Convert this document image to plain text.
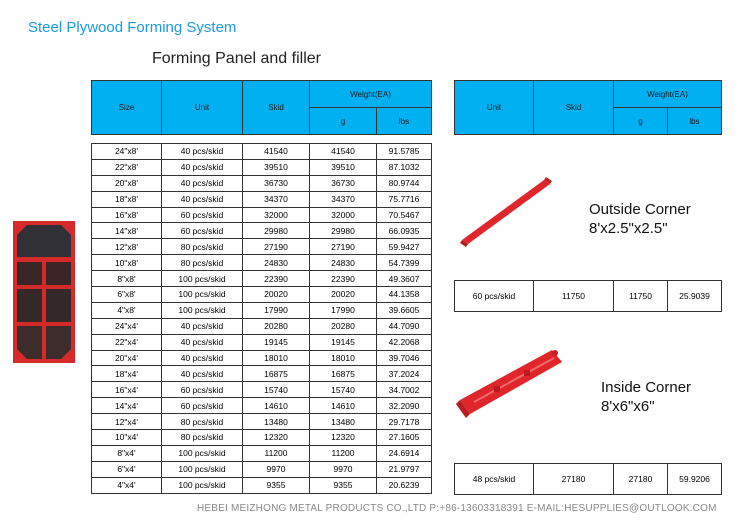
Steel Plywood Forming System
Forming Panel and filler
Size	Unit	Skid	Weight(EA)	
			g	lbs
24"x8'	40 pcs/skid	41540	41540	91.5785
22"x8'	40 pcs/skid	39510	39510	87.1032
20"x8'	40 pcs/skid	36730	36730	80.9744
18"x8'	40 pcs/skid	34370	34370	75.7716
16"x8'	60 pcs/skid	32000	32000	70.5467
14"x8'	60 pcs/skid	29980	29980	66.0935
12"x8'	80 pcs/skid	27190	27190	59.9427
10"x8'	80 pcs/skid	24830	24830	54.7399
8"x8'	100 pcs/skid	22390	22390	49.3607
6"x8'	100 pcs/skid	20020	20020	44.1358
4"x8'	100 pcs/skid	17990	17990	39.6605
24"x4'	40 pcs/skid	20280	20280	44.7090
22"x4'	40 pcs/skid	19145	19145	42.2068
20"x4'	40 pcs/skid	18010	18010	39.7046
18"x4'	40 pcs/skid	16875	16875	37.2024
16"x4'	60 pcs/skid	15740	15740	34.7002
14"x4'	60 pcs/skid	14610	14610	32.2090
12"x4'	80 pcs/skid	13480	13480	29.7178
10"x4'	80 pcs/skid	12320	12320	27.1605
8"x4'	100 pcs/skid	11200	11200	24.6914
6"x4'	100 pcs/skid	9970	9970	21.9797
4"x4'	100 pcs/skid	9355	9355	20.6239
Unit	Skid	Weight(EA)	
		g	lbs
Outside Corner
8'x2.5"x2.5"
60 pcs/skid	11750	11750	25.9039
Inside Corner
8'x6"x6"
48 pcs/skid	27180	27180	59.9206
HEBEI MEIZHONG METAL PRODUCTS CO.,LTD P:+86-13603318391 E-MAIL:HESUPPLIES@OUTLOOK.COM
